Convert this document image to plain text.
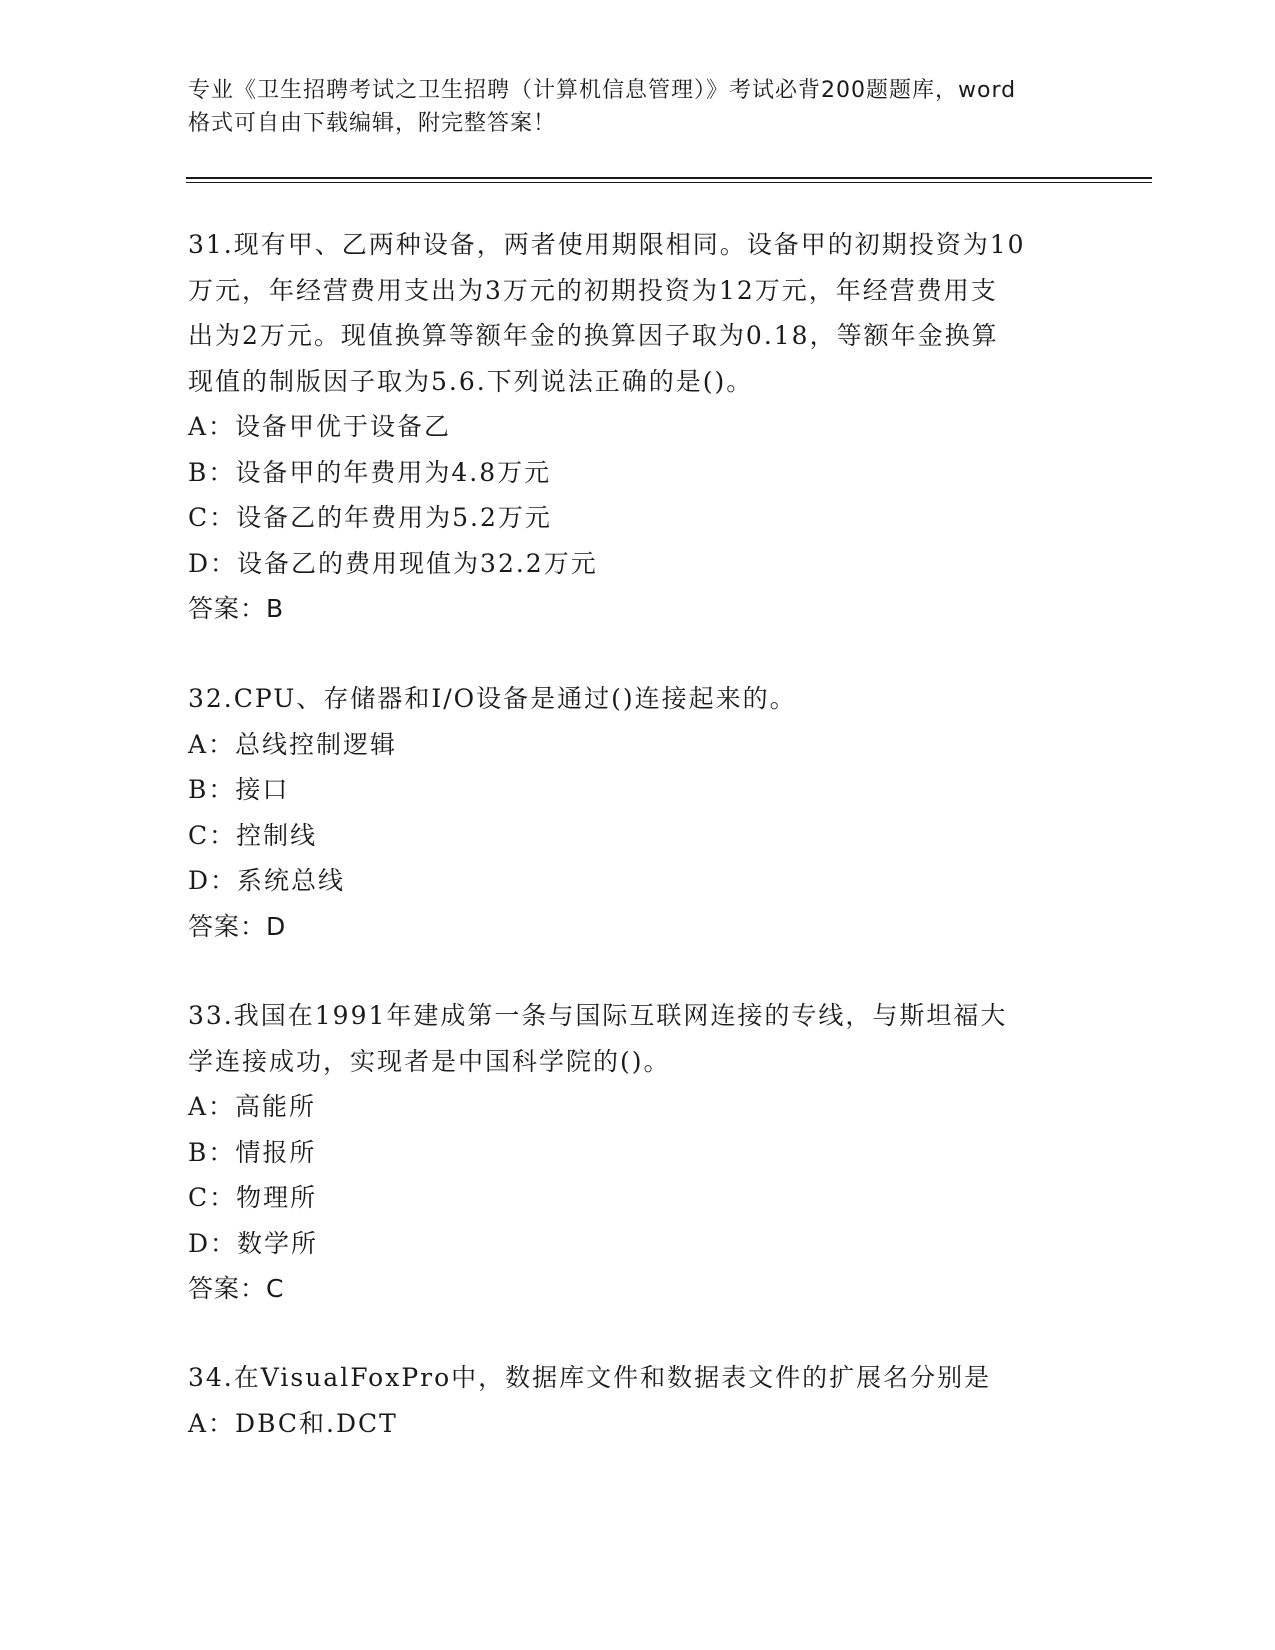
专业《卫生招聘考试之卫生招聘（计算机信息管理）》考试必背200题题库，word
格式可自由下载编辑，附完整答案！
31.现有甲、乙两种设备，两者使用期限相同。设备甲的初期投资为10
万元，年经营费用支出为3万元的初期投资为12万元，年经营费用支
出为2万元。现值换算等额年金的换算因子取为0.18，等额年金换算
现值的制版因子取为5.6.下列说法正确的是()。
A：设备甲优于设备乙
B：设备甲的年费用为4.8万元
C：设备乙的年费用为5.2万元
D：设备乙的费用现值为32.2万元
答案：B
32.CPU、存储器和I/O设备是通过()连接起来的。
A：总线控制逻辑
B：接口
C：控制线
D：系统总线
答案：D
33.我国在1991年建成第一条与国际互联网连接的专线，与斯坦福大
学连接成功，实现者是中国科学院的()。
A：高能所
B：情报所
C：物理所
D：数学所
答案：C
34.在VisualFoxPro中，数据库文件和数据表文件的扩展名分别是
A：DBC和.DCT
